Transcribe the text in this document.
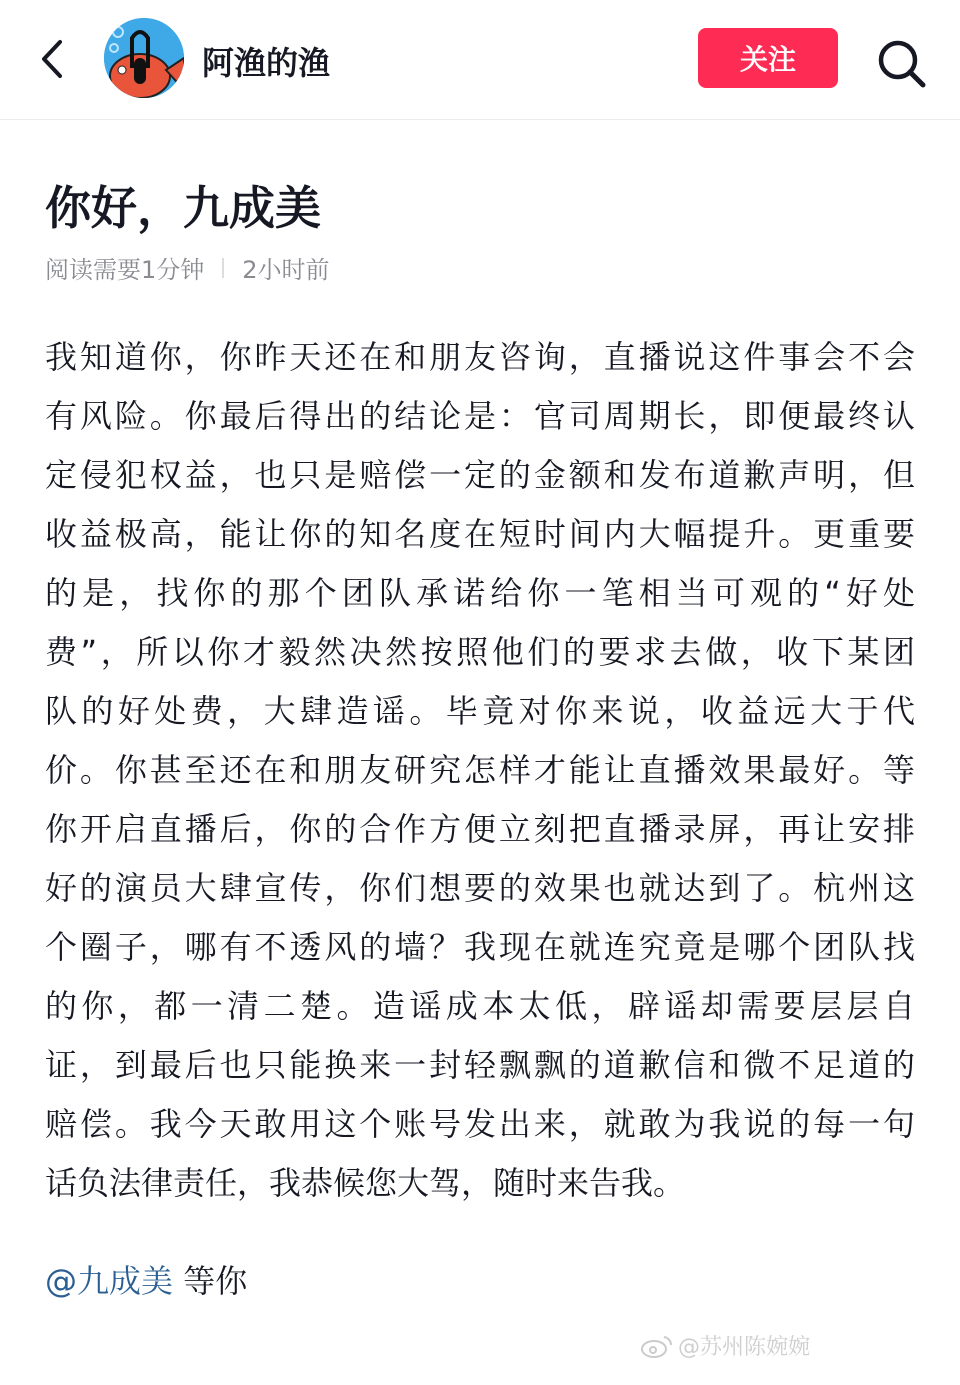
阿渔的渔	关注
你好，九成美
阅读需要1分钟 2小时前
我知道你，你昨天还在和朋友咨询，直播说这件事会不会
有风险。你最后得出的结论是：官司周期长，即便最终认
定侵犯权益，也只是赔偿一定的金额和发布道歉声明，但
收益极高，能让你的知名度在短时间内大幅提升。更重要
的是，找你的那个团队承诺给你一笔相当可观的“好处
费”，所以你才毅然决然按照他们的要求去做，收下某团
队的好处费，大肆造谣。毕竟对你来说，收益远大于代
价。你甚至还在和朋友研究怎样才能让直播效果最好。等
你开启直播后，你的合作方便立刻把直播录屏，再让安排
好的演员大肆宣传，你们想要的效果也就达到了。杭州这
个圈子，哪有不透风的墙？我现在就连究竟是哪个团队找
的你，都一清二楚。造谣成本太低，辟谣却需要层层自
证，到最后也只能换来一封轻飘飘的道歉信和微不足道的
赔偿。我今天敢用这个账号发出来，就敢为我说的每一句
话负法律责任，我恭候您大驾，随时来告我。
@九成美 等你
@苏州陈婉婉
